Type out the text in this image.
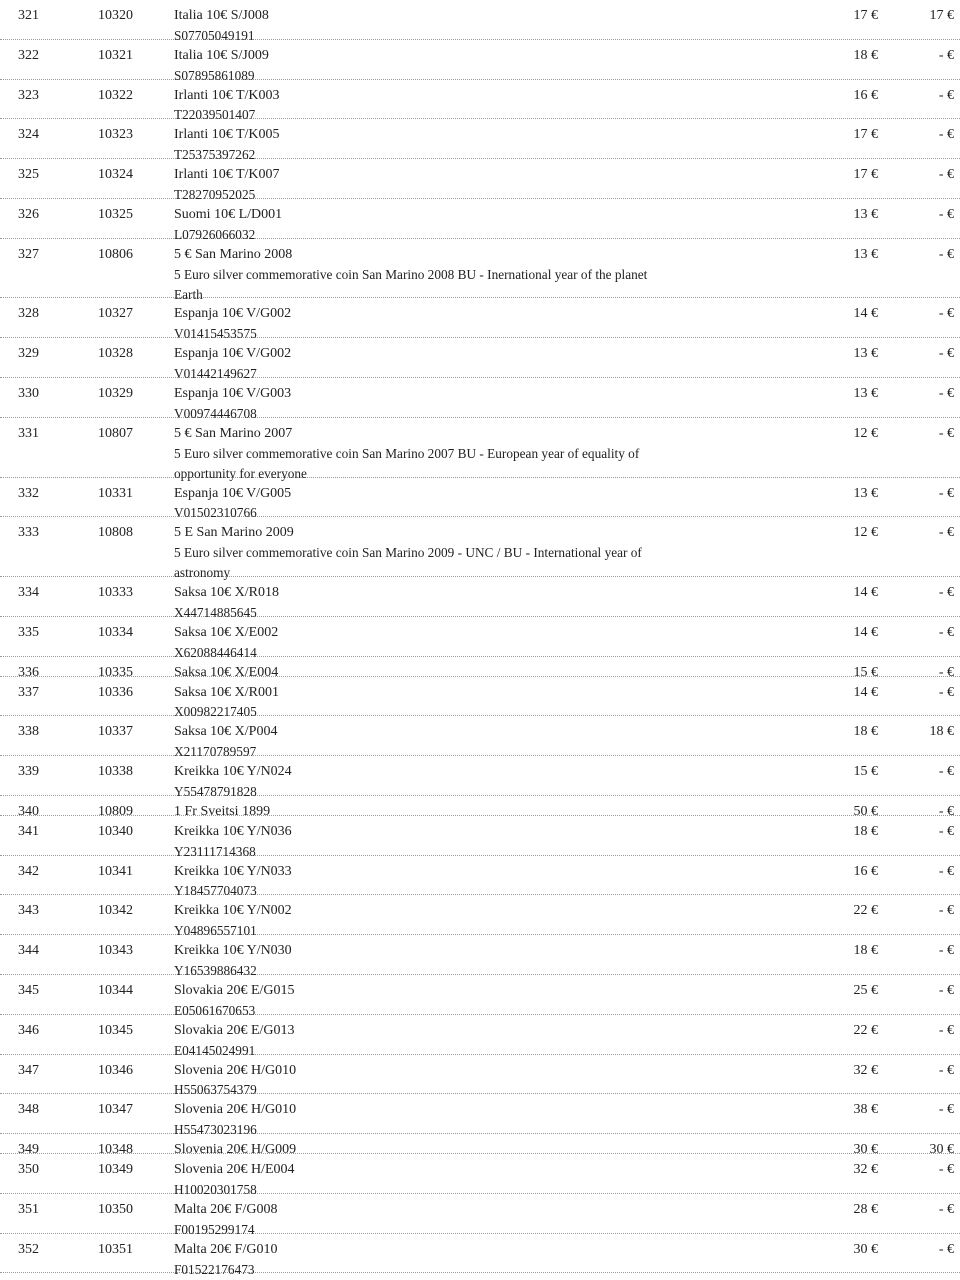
321	10320	Italia 10€ S/J008
S07705049191
17 €	17 €
322	10321	Italia 10€ S/J009
S07895861089
18 €	- €
323	10322	Irlanti 10€ T/K003
T22039501407
16 €	- €
324	10323	Irlanti 10€ T/K005
T25375397262
17 €	- €
325	10324	Irlanti 10€ T/K007
T28270952025
17 €	- €
326	10325	Suomi 10€ L/D001
L07926066032
13 €	- €
327	10806	5 € San Marino 2008
5 Euro silver commemorative coin San Marino 2008 BU - Inernational year of the planet
Earth
13 €	- €
328	10327	Espanja 10€ V/G002
V01415453575
14 €	- €
329	10328	Espanja 10€ V/G002
V01442149627
13 €	- €
330	10329	Espanja 10€ V/G003
V00974446708
13 €	- €
331	10807	5 € San Marino 2007
5 Euro silver commemorative coin San Marino 2007 BU - European year of equality of
opportunity for everyone
12 €	- €
332	10331	Espanja 10€ V/G005
V01502310766
13 €	- €
333	10808	5 E San Marino 2009
5 Euro silver commemorative coin San Marino 2009 - UNC / BU - International year of
astronomy
12 €	- €
334	10333	Saksa 10€ X/R018
X44714885645
14 €	- €
335	10334	Saksa 10€ X/E002
X62088446414
14 €	- €
336	10335	Saksa 10€ X/E004	15 €	- €
337	10336	Saksa 10€ X/R001
X00982217405
14 €	- €
338	10337	Saksa 10€ X/P004
X21170789597
18 €	18 €
339	10338	Kreikka 10€ Y/N024
Y55478791828
15 €	- €
340	10809	1 Fr Sveitsi 1899	50 €	- €
341	10340	Kreikka 10€ Y/N036
Y23111714368
18 €	- €
342	10341	Kreikka 10€ Y/N033
Y18457704073
16 €	- €
343	10342	Kreikka 10€ Y/N002
Y04896557101
22 €	- €
344	10343	Kreikka 10€ Y/N030
Y16539886432
18 €	- €
345	10344	Slovakia 20€ E/G015
E05061670653
25 €	- €
346	10345	Slovakia 20€ E/G013
E04145024991
22 €	- €
347	10346	Slovenia 20€ H/G010
H55063754379
32 €	- €
348	10347	Slovenia 20€ H/G010
H55473023196
38 €	- €
349	10348	Slovenia 20€ H/G009	30 €	30 €
350	10349	Slovenia 20€ H/E004
H10020301758
32 €	- €
351	10350	Malta 20€ F/G008
F00195299174
28 €	- €
352	10351	Malta 20€ F/G010
F01522176473
30 €	- €
